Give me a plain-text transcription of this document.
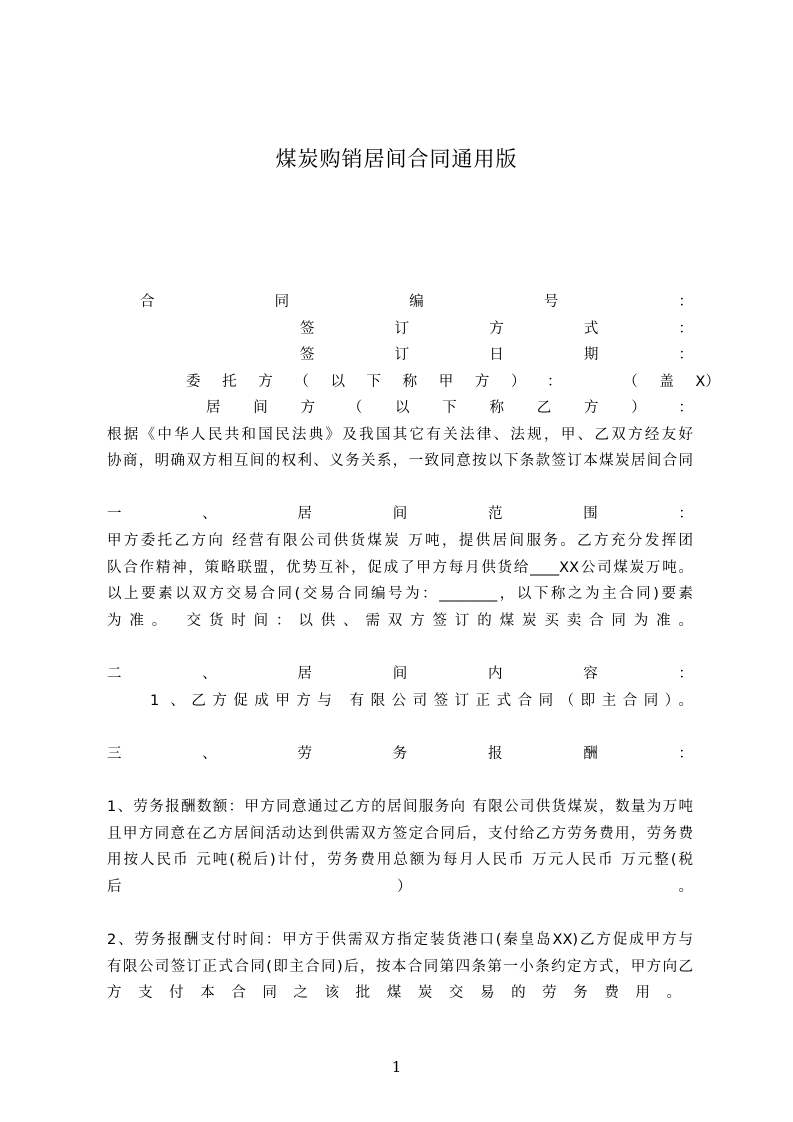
煤炭购销居间合同通用版
合	同	编	号	：
签	订	方	式	：
签	订	日	期	：
委 托 方 （ 以 下 称 甲 方 ） ：	（ 盖 X）
居 间 方 （ 以 下 称 乙 方 ） ：
根据《中华人民共和国民法典》及我国其它有关法律、法规，甲、乙双方经友好
协商，明确双方相互间的权利、义务关系，一致同意按以下条款签订本煤炭居间合同
一	、	居	间	范	围	：
甲方委托乙方向 经营有限公司供货煤炭 万吨，提供居间服务。乙方充分发挥团
队合作精神，策略联盟，优势互补，促成了甲方每月供货给____XX公司煤炭万吨。
以上要素以双方交易合同(交易合同编号为：________，以下称之为主合同)要素
为准。 交货时间：以供、需双方签订的煤炭买卖合同为准。
二	、	居	间	内	容	：
1 、乙方促成甲方与 有限公司签订正式合同（即主合同）。
三	、	劳	务	报	酬	：
1、劳务报酬数额：甲方同意通过乙方的居间服务向 有限公司供货煤炭，数量为万吨
且甲方同意在乙方居间活动达到供需双方签定合同后，支付给乙方劳务费用，劳务费
用按人民币 元吨(税后)计付，劳务费用总额为每月人民币 万元人民币 万元整(税
后	）	。
2、劳务报酬支付时间：甲方于供需双方指定装货港口(秦皇岛XX)乙方促成甲方与
有限公司签订正式合同(即主合同)后，按本合同第四条第一小条约定方式，甲方向乙
方支付本合同之该批煤炭交易的劳务费用。
1
